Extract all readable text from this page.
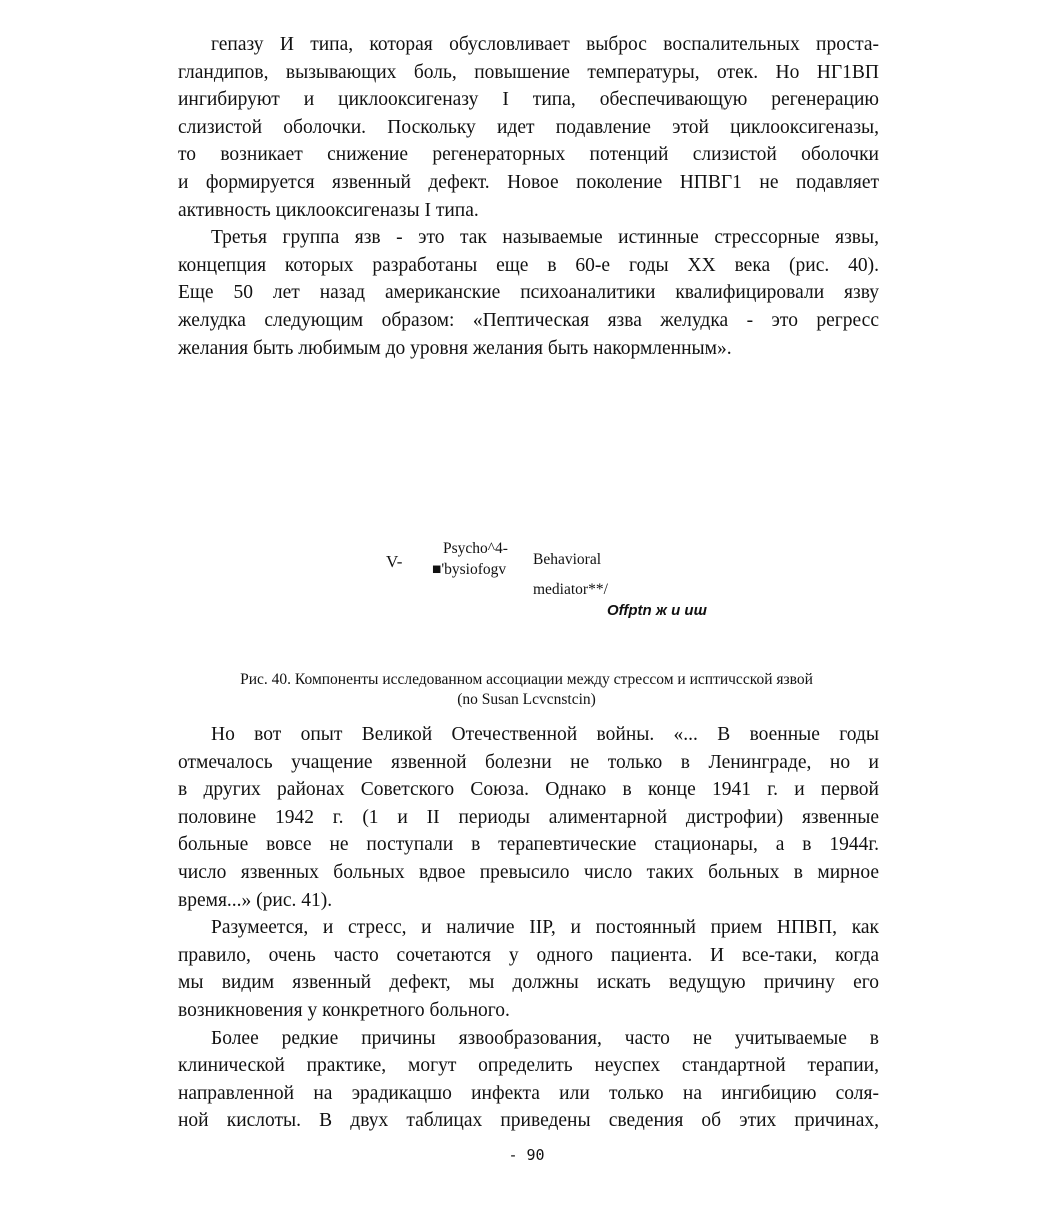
гепазу И типа, которая обусловливает выброс воспалительных проста-

гландипов, вызывающих боль, повышение температуры, отек. Но НГ1ВП

ингибируют и циклооксигеназу I типа, обеспечивающую регенерацию

слизистой оболочки. Поскольку идет подавление этой циклооксигеназы,

то возникает снижение регенераторных потенций слизистой оболочки

и формируется язвенный дефект. Новое поколение НПВГ1 не подавляет

активность циклооксигеназы I типа.

Третья группа язв - это так называемые истинные стрессорные язвы,

концепция которых разработаны еще в 60-е годы XX века (рис. 40).

Еще 50 лет назад американские психоаналитики квалифицировали язву

желудка следующим образом: «Пептическая язва желудка - это регресс

желания быть любимым до уровня желания быть накормленным».

V-
Psycho^4-
■'bysiofogv
Behavioral
mediator**/
Offptn ж и иш
Рис. 40. Компоненты исследованном ассоциации между стрессом и исптичсской язвой
(no Susan Lcvcnstcin)

Но вот опыт Великой Отечественной войны. «... В военные годы

отмечалось учащение язвенной болезни не только в Ленинграде, но и

в других районах Советского Союза. Однако в конце 1941 г. и первой

половине 1942 г. (1 и II периоды алиментарной дистрофии) язвенные

больные вовсе не поступали в терапевтические стационары, а в 1944г.

число язвенных больных вдвое превысило число таких больных в мирное

время...» (рис. 41).

Разумеется, и стресс, и наличие IIP, и постоянный прием НПВП, как

правило, очень часто сочетаются у одного пациента. И все-таки, когда

мы видим язвенный дефект, мы должны искать ведущую причину его

возникновения у конкретного больного.

Более редкие причины язвообразования, часто не учитываемые в

клинической практике, могут определить неуспех стандартной терапии,

направленной на эрадикацшо инфекта или только на ингибицию соля-

ной кислоты. В двух таблицах приведены сведения об этих причинах,

- 90
